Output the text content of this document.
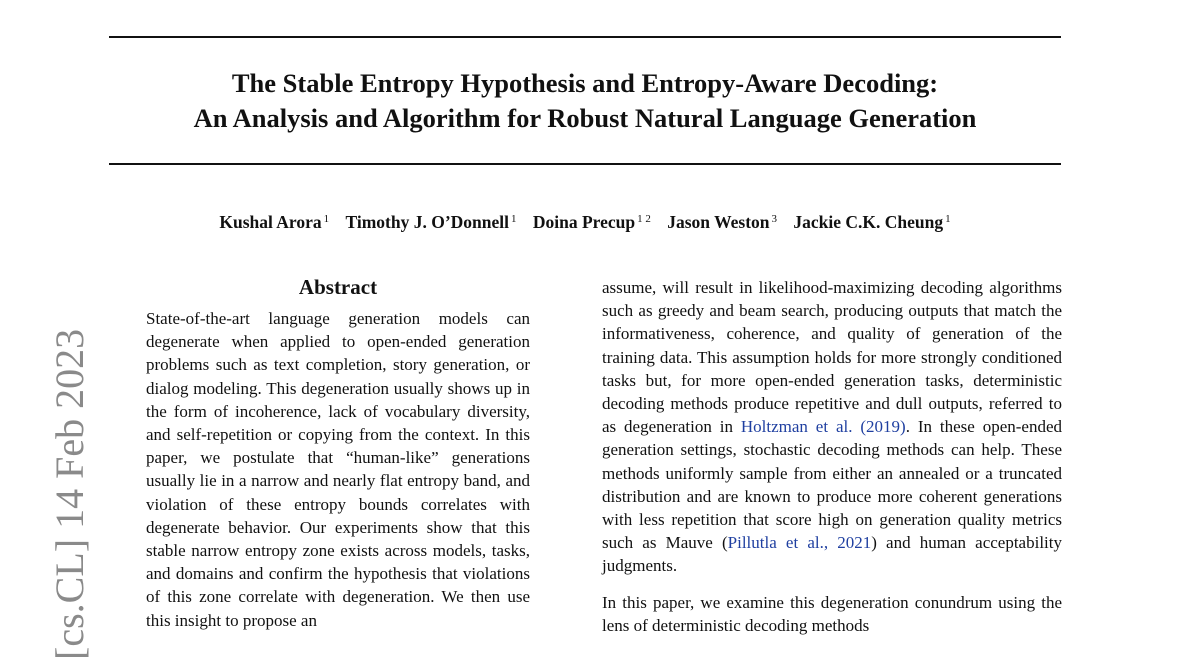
The Stable Entropy Hypothesis and Entropy-Aware Decoding:
An Analysis and Algorithm for Robust Natural Language Generation
Kushal Arora $^1$ Timothy J. O’Donnell $^1$ Doina Precup $^{1 2}$ Jason Weston $^3$ Jackie C.K. Cheung $^1$
[cs.CL] 14 Feb 2023
Abstract

State-of-the-art language generation models can degenerate when applied to open-ended generation problems such as text completion, story generation, or dialog modeling. This degeneration usually shows up in the form of incoherence, lack of vocabulary diversity, and self-repetition or copying from the context. In this paper, we postulate that “human-like” generations usually lie in a narrow and nearly flat entropy band, and violation of these entropy bounds correlates with degenerate behavior. Our experiments show that this stable narrow entropy zone exists across models, tasks, and domains and confirm the hypothesis that violations of this zone correlate with degeneration. We then use this insight to propose an

assume, will result in likelihood-maximizing decoding algorithms such as greedy and beam search, producing outputs that match the informativeness, coherence, and quality of generation of the training data. This assumption holds for more strongly conditioned tasks but, for more open-ended generation tasks, deterministic decoding methods produce repetitive and dull outputs, referred to as degeneration in Holtzman et al. (2019). In these open-ended generation settings, stochastic decoding methods can help. These methods uniformly sample from either an annealed or a truncated distribution and are known to produce more coherent generations with less repetition that score high on generation quality metrics such as Mauve (Pillutla et al., 2021) and human acceptability judgments.

In this paper, we examine this degeneration conundrum using the lens of deterministic decoding methods
